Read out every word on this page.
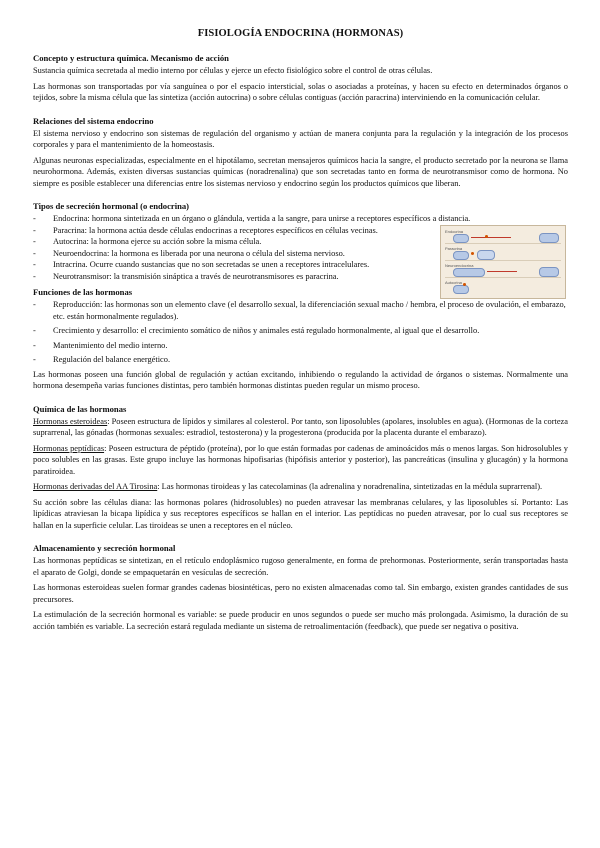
FISIOLOGÍA ENDOCRINA (HORMONAS)
Concepto y estructura química. Mecanismo de acción

Sustancia química secretada al medio interno por células y ejerce un efecto fisiológico sobre el control de otras células.

Las hormonas son transportadas por vía sanguínea o por el espacio intersticial, solas o asociadas a proteínas, y hacen su efecto en determinados órganos o tejidos, sobre la misma célula que las sintetiza (acción autocrina) o sobre células contiguas (acción paracrina) interviniendo en la comunicación celular.

Relaciones del sistema endocrino

El sistema nervioso y endocrino son sistemas de regulación del organismo y actúan de manera conjunta para la regulación y la integración de los procesos corporales y para el mantenimiento de la homeostasis.

Algunas neuronas especializadas, especialmente en el hipotálamo, secretan mensajeros químicos hacia la sangre, el producto secretado por la neurona se llama neurohormona. Además, existen diversas sustancias químicas (noradrenalina) que son secretadas tanto en forma de neurotransmisor como de hormona. No siempre es posible establecer una diferencias entre los sistemas nervioso y endocrino según los productos químicos que liberan.

Tipos de secreción hormonal (o endocrina)
- Endocrina: hormona sintetizada en un órgano o glándula, vertida a la sangre, para unirse a receptores específicos a distancia.
- Paracrina: la hormona actúa desde células endocrinas a receptores específicos en células vecinas.
- Autocrina: la hormona ejerce su acción sobre la misma célula.
- Neuroendocrina: la hormona es liberada por una neurona o célula del sistema nervioso.
- Intracrina. Ocurre cuando sustancias que no son secretadas se unen a receptores intracelulares.
- Neurotransmisor: la transmisión sináptica a través de neurotransmisores es paracrina.
Endocrina
Paracrina
Neuroendocrina
Autocrina
Funciones de las hormonas
- Reproducción: las hormonas son un elemento clave (el desarrollo sexual, la diferenciación sexual macho / hembra, el proceso de ovulación, el embarazo, etc. están hormonalmente regulados).
- Crecimiento y desarrollo: el crecimiento somático de niños y animales está regulado hormonalmente, al igual que el desarrollo.
- Mantenimiento del medio interno.
- Regulación del balance energético.

Las hormonas poseen una función global de regulación y actúan excitando, inhibiendo o regulando la actividad de órganos o sistemas. Normalmente una hormona desempeña varias funciones distintas, pero también hormonas distintas pueden regular un mismo proceso.

Química de las hormonas

Hormonas esteroideas: Poseen estructura de lípidos y similares al colesterol. Por tanto, son liposolubles (apolares, insolubles en agua). (Hormonas de la corteza suprarrenal, las gónadas (hormonas sexuales: estradiol, testosterona) y la progesterona (producida por la placenta durante el embarazo).

Hormonas peptídicas: Poseen estructura de péptido (proteína), por lo que están formadas por cadenas de aminoácidos más o menos largas. Son hidrosolubles y poco solubles en las grasas. Este grupo incluye las hormonas hipofisarias (hipófisis anterior y posterior), las pancreáticas (insulina y glucagón) y la hormona paratiroidea.

Hormonas derivadas del AA Tirosina: Las hormonas tiroideas y las catecolaminas (la adrenalina y noradrenalina, sintetizadas en la médula suprarrenal).

Su acción sobre las células diana: las hormonas polares (hidrosolubles) no pueden atravesar las membranas celulares, y las liposolubles sí. Portanto: Las lipídicas atraviesan la bicapa lipídica y sus receptores específicos se hallan en el interior. Las peptídicas no pueden atravesar, por lo cual sus receptores se hallan en la superficie celular. Las tiroideas se unen a receptores en el núcleo.

Almacenamiento y secreción hormonal

Las hormonas peptídicas se sintetizan, en el retículo endoplásmico rugoso generalmente, en forma de prehormonas. Posteriormente, serán transportadas hasta el aparato de Golgi, donde se empaquetarán en vesículas de secreción.

Las hormonas esteroideas suelen formar grandes cadenas biosintéticas, pero no existen almacenadas como tal. Sin embargo, existen grandes cantidades de sus precursores.

La estimulación de la secreción hormonal es variable: se puede producir en unos segundos o puede ser mucho más prolongada. Asimismo, la duración de su acción también es variable. La secreción estará regulada mediante un sistema de retroalimentación (feedback), que puede ser negativa o positiva.
